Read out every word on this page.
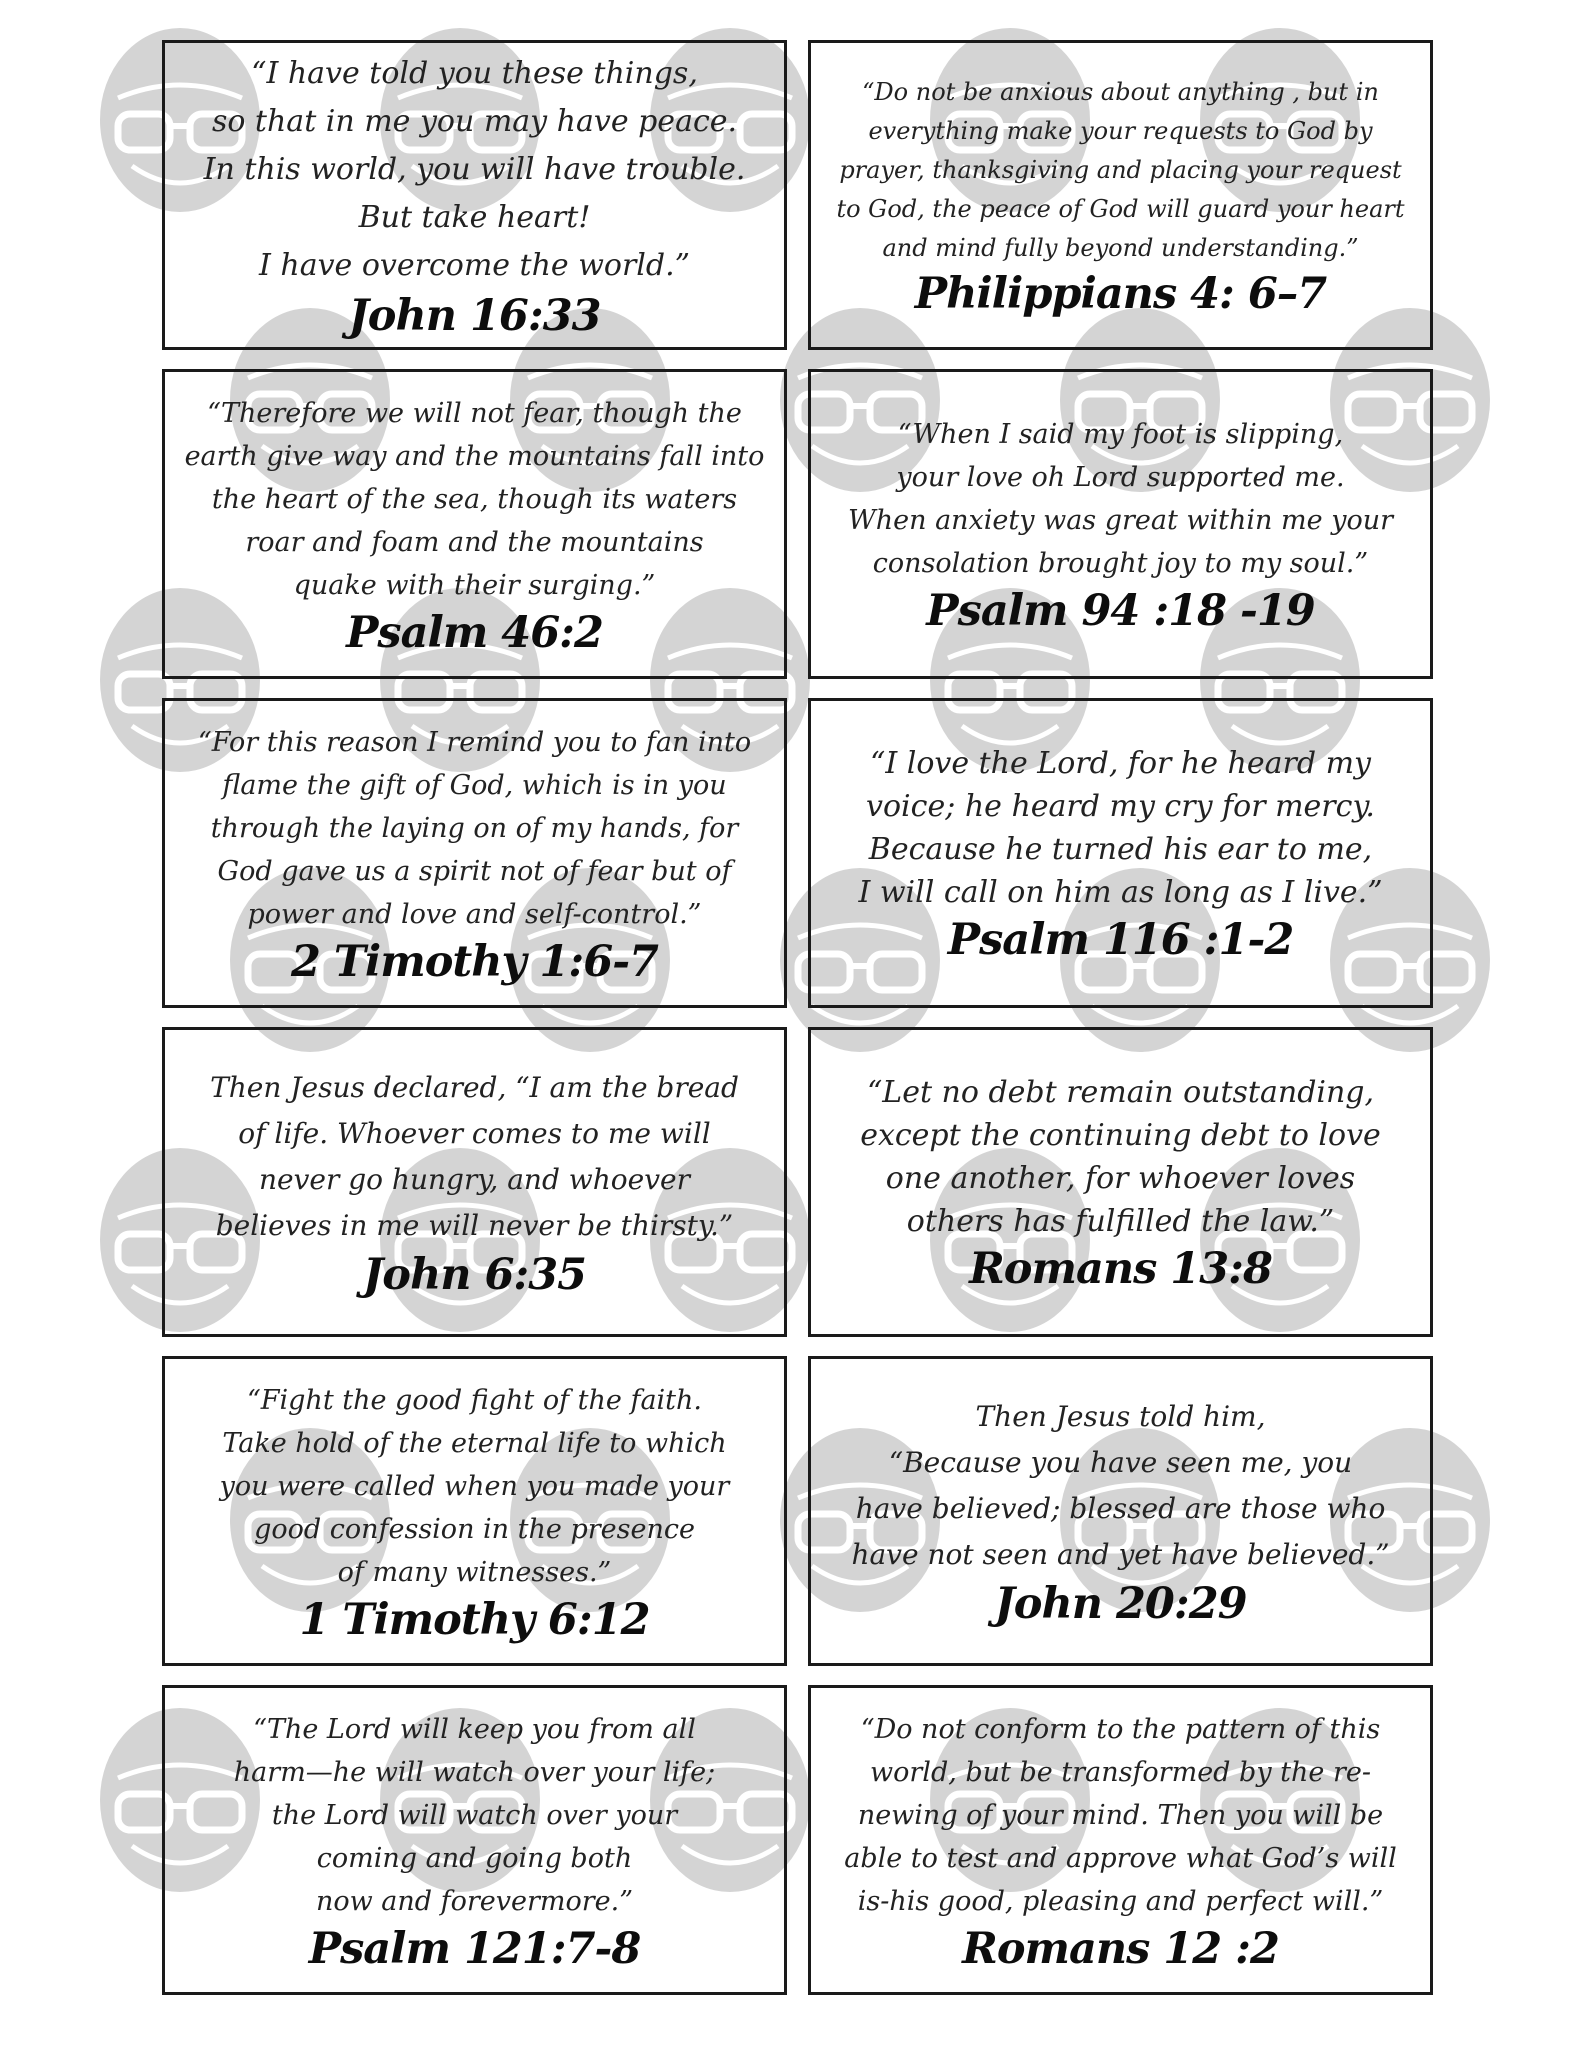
“I have told you these things,
so that in me you may have peace.
In this world, you will have trouble.
But take heart!
I have overcome the world.”
John 16:33
“Do not be anxious about anything , but in
everything make your requests to God by
prayer, thanksgiving and placing your request
to God, the peace of God will guard your heart
and mind fully beyond understanding.”
Philippians 4: 6–7
“Therefore we will not fear, though the
earth give way and the mountains fall into
the heart of the sea, though its waters
roar and foam and the mountains
quake with their surging.”
Psalm 46:2
“When I said my foot is slipping,
your love oh Lord supported me.
When anxiety was great within me your
consolation brought joy to my soul.”
Psalm 94 :18 -19
“For this reason I remind you to fan into
flame the gift of God, which is in you
through the laying on of my hands, for
God gave us a spirit not of fear but of
power and love and self-control.”
2 Timothy 1:6-7
“I love the Lord, for he heard my
voice; he heard my cry for mercy.
Because he turned his ear to me,
I will call on him as long as I live.”
Psalm 116 :1-2
Then Jesus declared, “I am the bread
of life. Whoever comes to me will
never go hungry, and whoever
believes in me will never be thirsty.”
John 6:35
“Let no debt remain outstanding,
except the continuing debt to love
one another, for whoever loves
others has fulfilled the law.”
Romans 13:8
“Fight the good fight of the faith.
Take hold of the eternal life to which
you were called when you made your
good confession in the presence
of many witnesses.”
1 Timothy 6:12
Then Jesus told him,
“Because you have seen me, you
have believed; blessed are those who
have not seen and yet have believed.”
John 20:29
“The Lord will keep you from all
harm—he will watch over your life;
the Lord will watch over your
coming and going both
now and forevermore.”
Psalm 121:7-8
“Do not conform to the pattern of this
world, but be transformed by the re-
newing of your mind. Then you will be
able to test and approve what God’s will
is-his good, pleasing and perfect will.”
Romans 12 :2
